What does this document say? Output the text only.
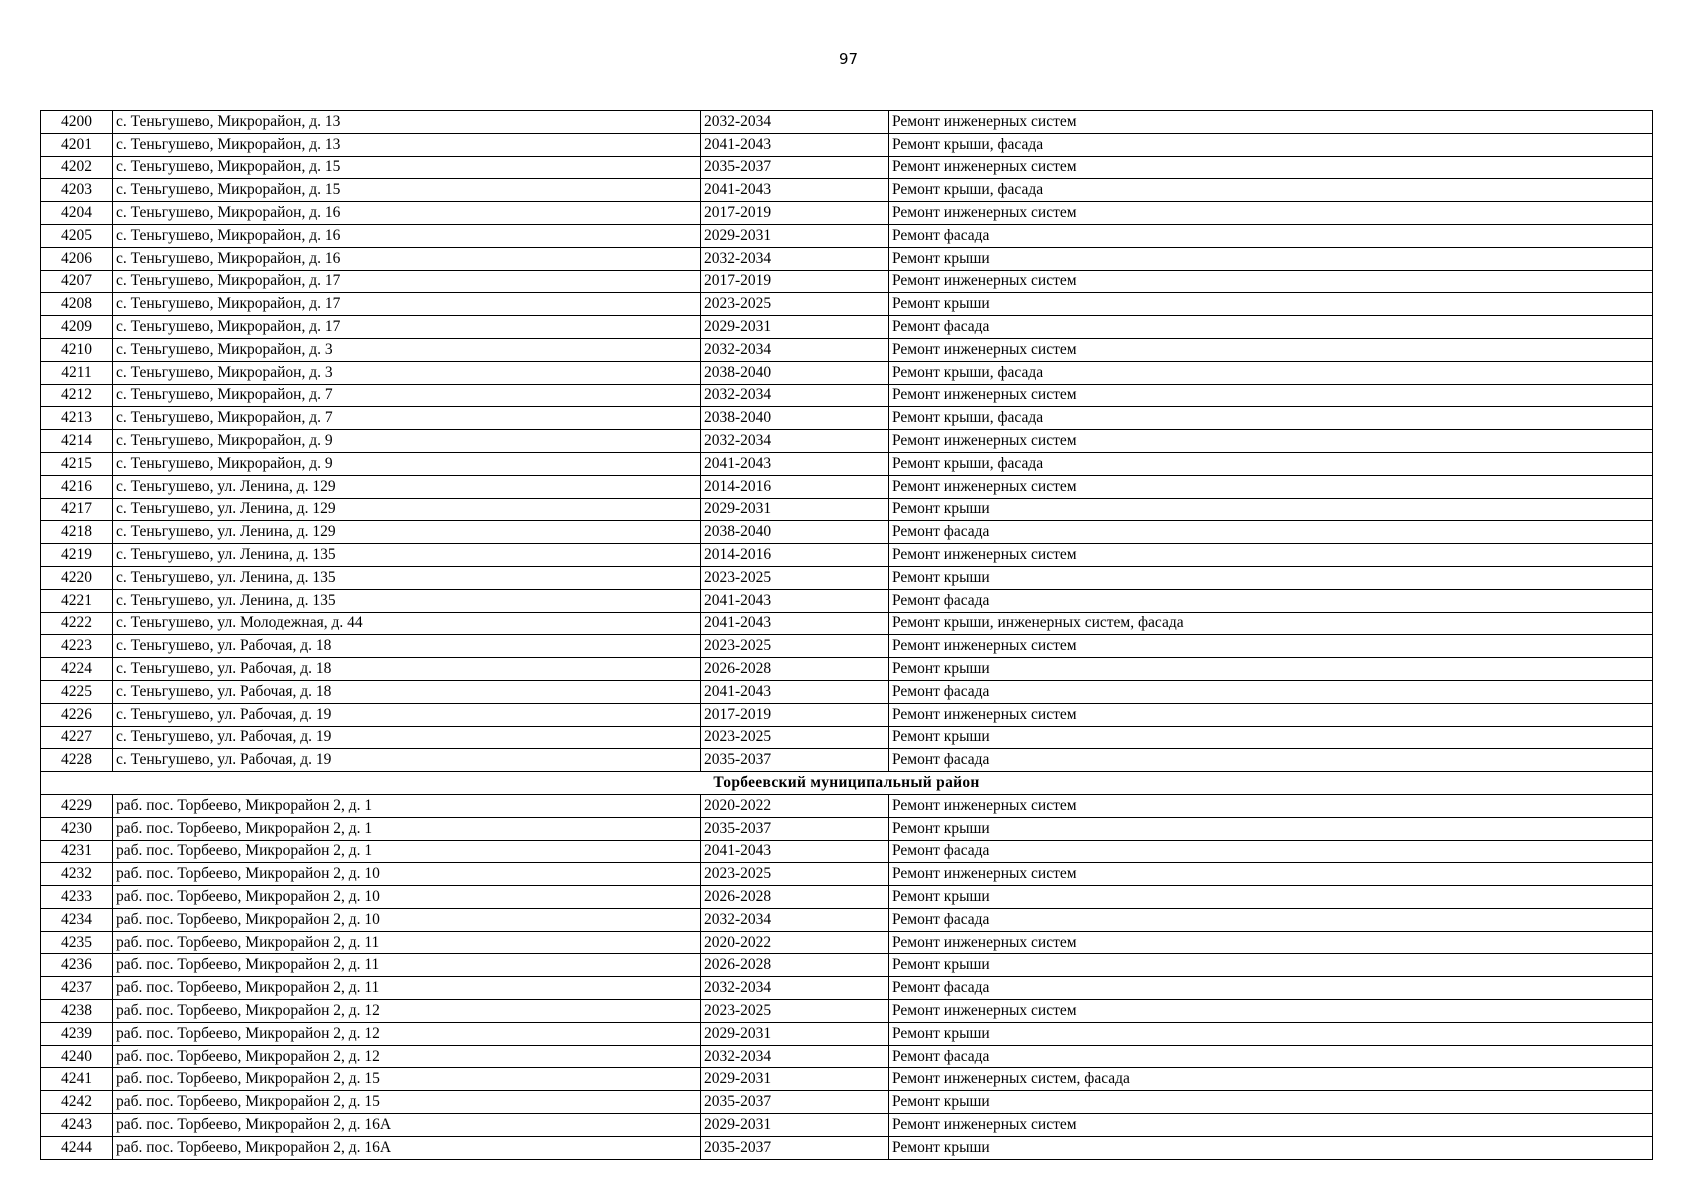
97
4200	с. Теньгушево, Микрорайон, д. 13	2032-2034	Ремонт инженерных систем
4201	с. Теньгушево, Микрорайон, д. 13	2041-2043	Ремонт крыши, фасада
4202	с. Теньгушево, Микрорайон, д. 15	2035-2037	Ремонт инженерных систем
4203	с. Теньгушево, Микрорайон, д. 15	2041-2043	Ремонт крыши, фасада
4204	с. Теньгушево, Микрорайон, д. 16	2017-2019	Ремонт инженерных систем
4205	с. Теньгушево, Микрорайон, д. 16	2029-2031	Ремонт фасада
4206	с. Теньгушево, Микрорайон, д. 16	2032-2034	Ремонт крыши
4207	с. Теньгушево, Микрорайон, д. 17	2017-2019	Ремонт инженерных систем
4208	с. Теньгушево, Микрорайон, д. 17	2023-2025	Ремонт крыши
4209	с. Теньгушево, Микрорайон, д. 17	2029-2031	Ремонт фасада
4210	с. Теньгушево, Микрорайон, д. 3	2032-2034	Ремонт инженерных систем
4211	с. Теньгушево, Микрорайон, д. 3	2038-2040	Ремонт крыши, фасада
4212	с. Теньгушево, Микрорайон, д. 7	2032-2034	Ремонт инженерных систем
4213	с. Теньгушево, Микрорайон, д. 7	2038-2040	Ремонт крыши, фасада
4214	с. Теньгушево, Микрорайон, д. 9	2032-2034	Ремонт инженерных систем
4215	с. Теньгушево, Микрорайон, д. 9	2041-2043	Ремонт крыши, фасада
4216	с. Теньгушево, ул. Ленина, д. 129	2014-2016	Ремонт инженерных систем
4217	с. Теньгушево, ул. Ленина, д. 129	2029-2031	Ремонт крыши
4218	с. Теньгушево, ул. Ленина, д. 129	2038-2040	Ремонт фасада
4219	с. Теньгушево, ул. Ленина, д. 135	2014-2016	Ремонт инженерных систем
4220	с. Теньгушево, ул. Ленина, д. 135	2023-2025	Ремонт крыши
4221	с. Теньгушево, ул. Ленина, д. 135	2041-2043	Ремонт фасада
4222	с. Теньгушево, ул. Молодежная, д. 44	2041-2043	Ремонт крыши, инженерных систем, фасада
4223	с. Теньгушево, ул. Рабочая, д. 18	2023-2025	Ремонт инженерных систем
4224	с. Теньгушево, ул. Рабочая, д. 18	2026-2028	Ремонт крыши
4225	с. Теньгушево, ул. Рабочая, д. 18	2041-2043	Ремонт фасада
4226	с. Теньгушево, ул. Рабочая, д. 19	2017-2019	Ремонт инженерных систем
4227	с. Теньгушево, ул. Рабочая, д. 19	2023-2025	Ремонт крыши
4228	с. Теньгушево, ул. Рабочая, д. 19	2035-2037	Ремонт фасада
Торбеевский муниципальный район			
4229	раб. пос. Торбеево, Микрорайон 2, д. 1	2020-2022	Ремонт инженерных систем
4230	раб. пос. Торбеево, Микрорайон 2, д. 1	2035-2037	Ремонт крыши
4231	раб. пос. Торбеево, Микрорайон 2, д. 1	2041-2043	Ремонт фасада
4232	раб. пос. Торбеево, Микрорайон 2, д. 10	2023-2025	Ремонт инженерных систем
4233	раб. пос. Торбеево, Микрорайон 2, д. 10	2026-2028	Ремонт крыши
4234	раб. пос. Торбеево, Микрорайон 2, д. 10	2032-2034	Ремонт фасада
4235	раб. пос. Торбеево, Микрорайон 2, д. 11	2020-2022	Ремонт инженерных систем
4236	раб. пос. Торбеево, Микрорайон 2, д. 11	2026-2028	Ремонт крыши
4237	раб. пос. Торбеево, Микрорайон 2, д. 11	2032-2034	Ремонт фасада
4238	раб. пос. Торбеево, Микрорайон 2, д. 12	2023-2025	Ремонт инженерных систем
4239	раб. пос. Торбеево, Микрорайон 2, д. 12	2029-2031	Ремонт крыши
4240	раб. пос. Торбеево, Микрорайон 2, д. 12	2032-2034	Ремонт фасада
4241	раб. пос. Торбеево, Микрорайон 2, д. 15	2029-2031	Ремонт инженерных систем, фасада
4242	раб. пос. Торбеево, Микрорайон 2, д. 15	2035-2037	Ремонт крыши
4243	раб. пос. Торбеево, Микрорайон 2, д. 16А	2029-2031	Ремонт инженерных систем
4244	раб. пос. Торбеево, Микрорайон 2, д. 16А	2035-2037	Ремонт крыши
